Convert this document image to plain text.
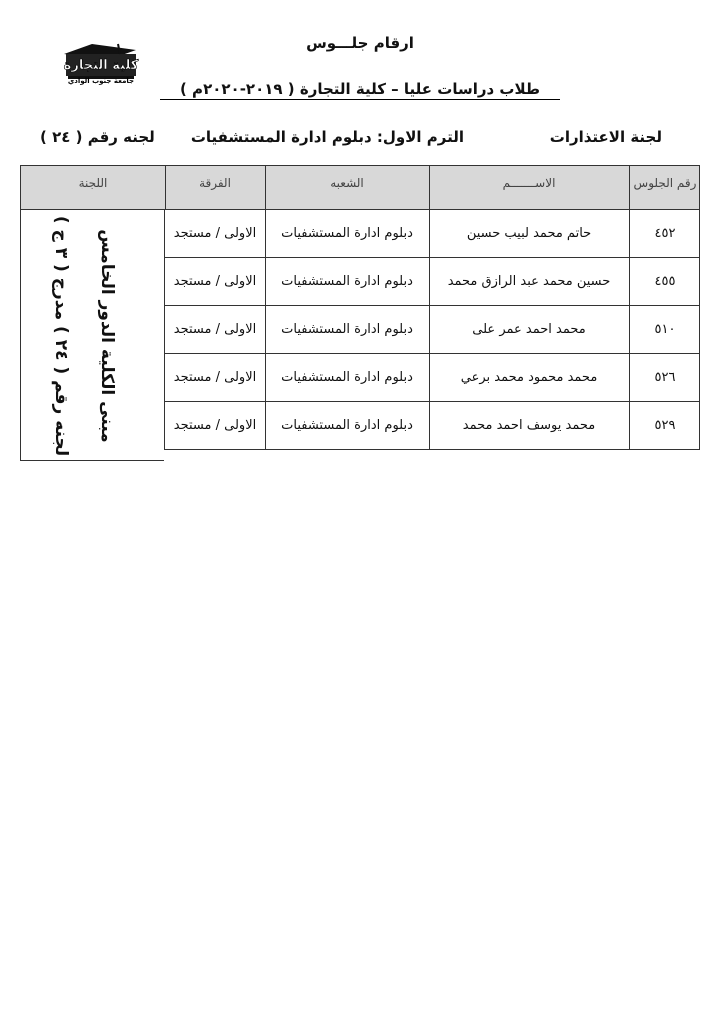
كلية التجارة
جامعة جنوب الوادي
ارقام جلـــوس
طلاب دراسات عليا – كلية التجارة ( ٢٠١٩-٢٠٢٠م )
لجنة الاعتذارات
الترم الاول: دبلوم ادارة المستشفيات
لجنه رقم ( ٢٤ )
رقم الجلوس
الاســـــــم
الشعبه
الفرقة
اللجنة
لجنه رقم ( ٢٤ ) مدرج ( ٣ ج ) مبنى الكلية الدور الخامس	٤٥٢
حاتم محمد لبيب حسين
دبلوم ادارة المستشفيات
الاولى / مستجد
٤٥٥
حسين محمد عبد الرازق محمد
دبلوم ادارة المستشفيات
الاولى / مستجد
٥١٠
محمد احمد عمر على
دبلوم ادارة المستشفيات
الاولى / مستجد
٥٢٦
محمد محمود محمد برعي
دبلوم ادارة المستشفيات
الاولى / مستجد
٥٢٩
محمد يوسف احمد محمد
دبلوم ادارة المستشفيات
الاولى / مستجد
